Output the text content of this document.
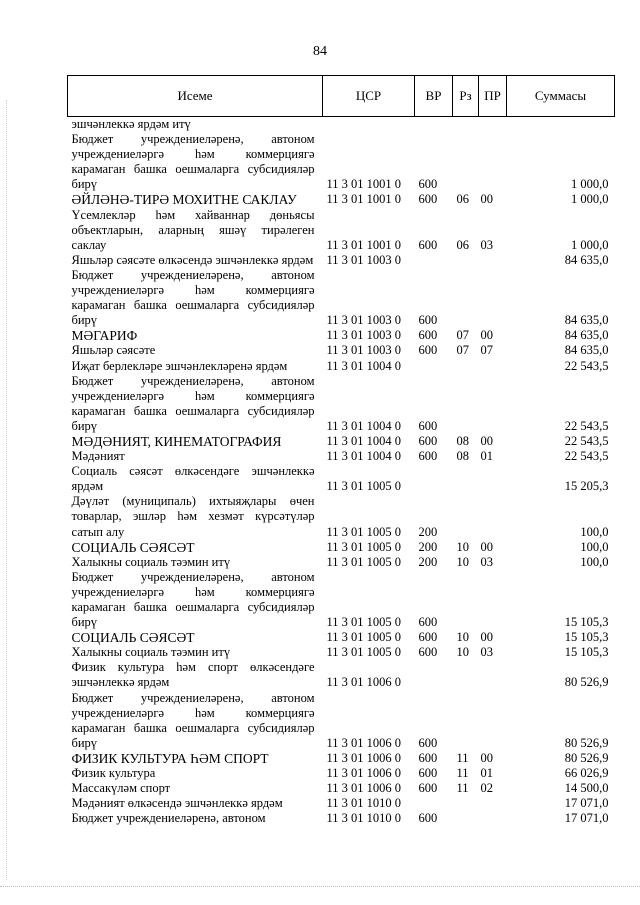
84
Исеме	ЦСР	ВР	Рз	ПР	Суммасы
эшчәнлеккә ярдәм итү					
Бюджет учреждениеләренә, автоном учреждениеләргә һәм коммерциягә карамаган башка оешмаларга субсидияләр бирү	11 3 01 1001 0	600			1 000,0
ӘЙЛӘНӘ-ТИРӘ МОХИТНЕ САКЛАУ	11 3 01 1001 0	600	06	00	1 000,0
Үсемлекләр һәм хайваннар дөньясы объектларын, аларның яшәү тирәлеген саклау	11 3 01 1001 0	600	06	03	1 000,0
Яшьләр сәясәте өлкәсендә эшчәнлеккә ярдәм	11 3 01 1003 0				84 635,0
Бюджет учреждениеләренә, автоном учреждениеләргә һәм коммерциягә карамаган башка оешмаларга субсидияләр бирү	11 3 01 1003 0	600			84 635,0
МӘГАРИФ	11 3 01 1003 0	600	07	00	84 635,0
Яшьләр сәясәте	11 3 01 1003 0	600	07	07	84 635,0
Иҗат берлекләре эшчәнлекләренә ярдәм	11 3 01 1004 0				22 543,5
Бюджет учреждениеләренә, автоном учреждениеләргә һәм коммерциягә карамаган башка оешмаларга субсидияләр бирү	11 3 01 1004 0	600			22 543,5
МӘДӘНИЯТ, КИНЕМАТОГРАФИЯ	11 3 01 1004 0	600	08	00	22 543,5
Мәдәният	11 3 01 1004 0	600	08	01	22 543,5
Социаль сәясәт өлкәсендәге эшчәнлеккә ярдәм	11 3 01 1005 0				15 205,3
Дәүләт (муниципаль) ихтыяҗлары өчен товарлар, эшләр һәм хезмәт күрсәтүләр сатып алу	11 3 01 1005 0	200			100,0
СОЦИАЛЬ СӘЯСӘТ	11 3 01 1005 0	200	10	00	100,0
Халыкны социаль тәэмин итү	11 3 01 1005 0	200	10	03	100,0
Бюджет учреждениеләренә, автоном учреждениеләргә һәм коммерциягә карамаган башка оешмаларга субсидияләр бирү	11 3 01 1005 0	600			15 105,3
СОЦИАЛЬ СӘЯСӘТ	11 3 01 1005 0	600	10	00	15 105,3
Халыкны социаль тәэмин итү	11 3 01 1005 0	600	10	03	15 105,3
Физик культура һәм спорт өлкәсендәге эшчәнлеккә ярдәм	11 3 01 1006 0				80 526,9
Бюджет учреждениеләренә, автоном учреждениеләргә һәм коммерциягә карамаган башка оешмаларга субсидияләр бирү	11 3 01 1006 0	600			80 526,9
ФИЗИК КУЛЬТУРА ҺӘМ СПОРТ	11 3 01 1006 0	600	11	00	80 526,9
Физик культура	11 3 01 1006 0	600	11	01	66 026,9
Массакүләм спорт	11 3 01 1006 0	600	11	02	14 500,0
Мәдәният өлкәсендә эшчәнлеккә ярдәм	11 3 01 1010 0				17 071,0
Бюджет учреждениеләренә, автоном	11 3 01 1010 0	600			17 071,0
